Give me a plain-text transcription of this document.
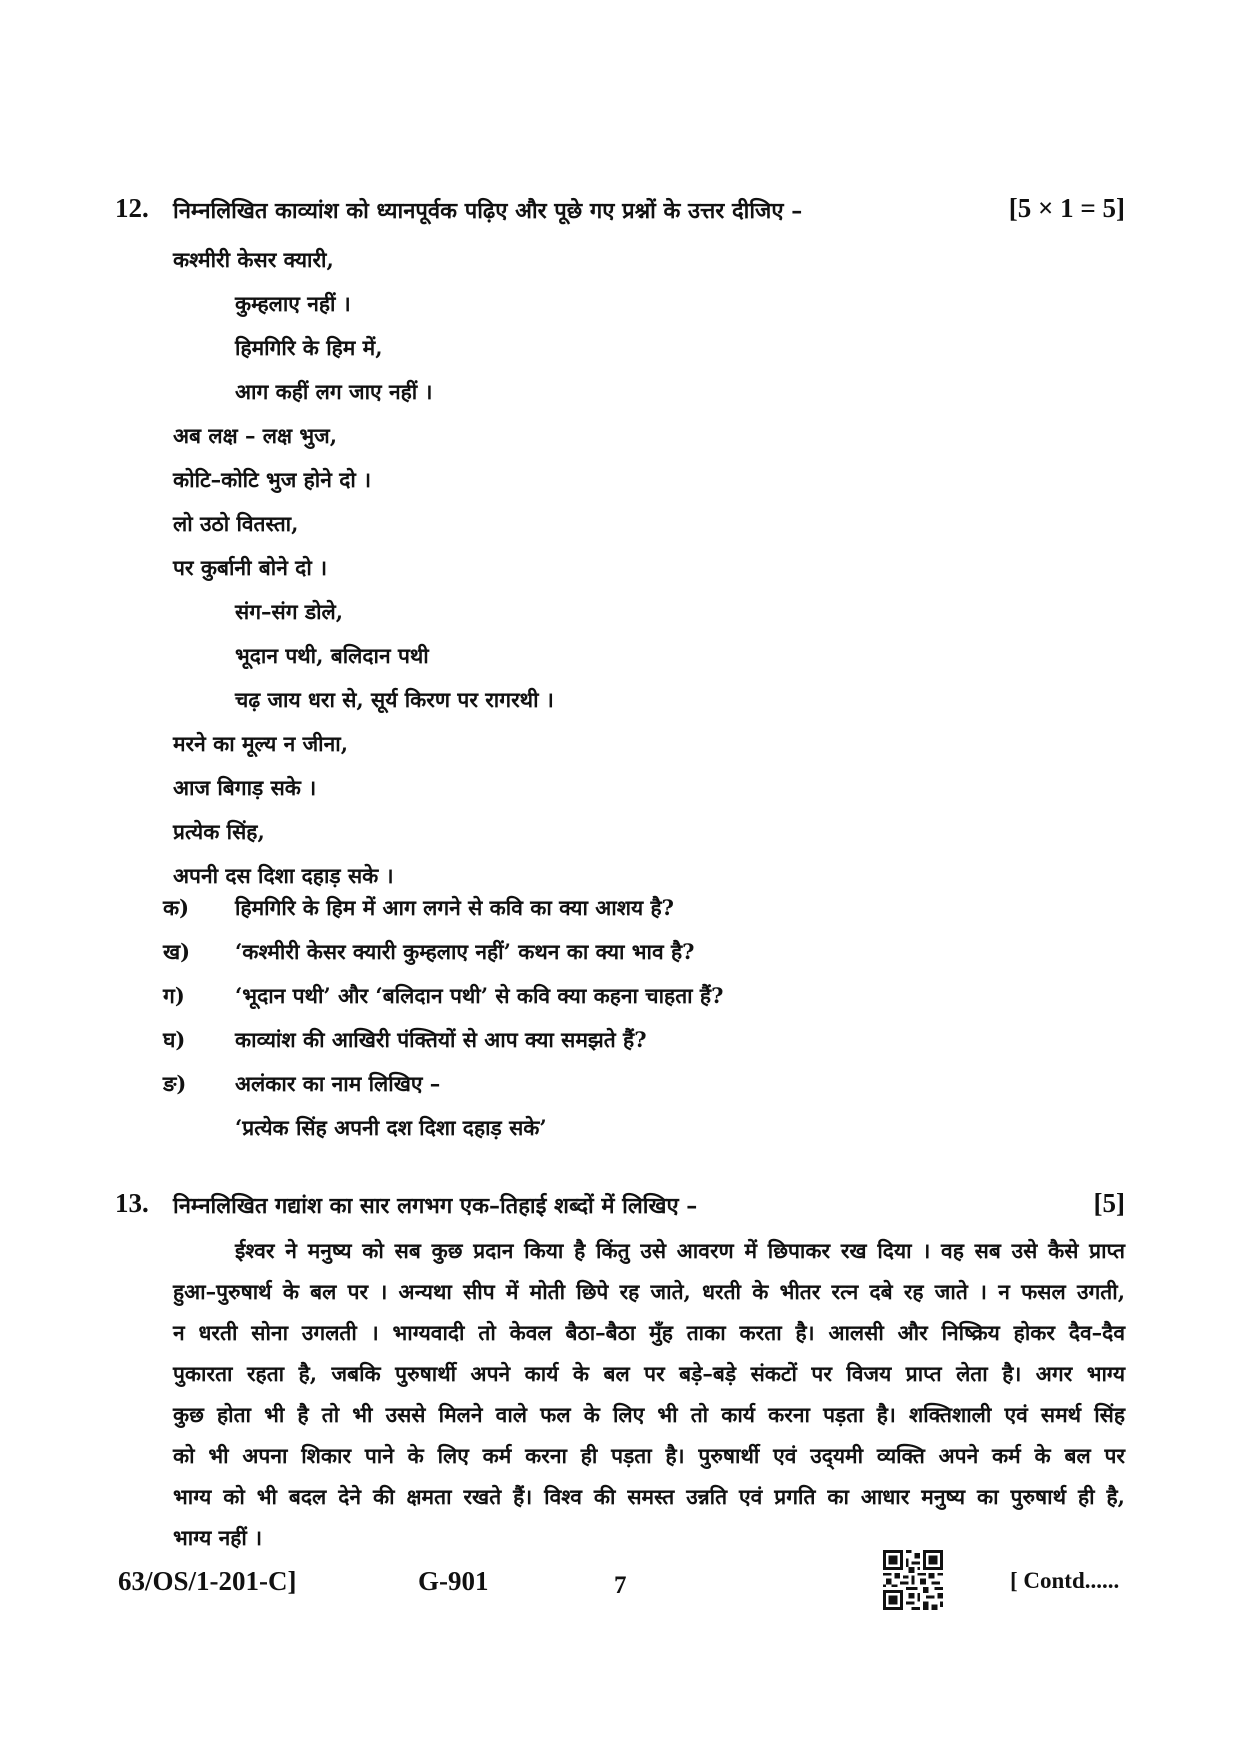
12. निम्नलिखित काव्यांश को ध्यानपूर्वक पढ़िए और पूछे गए प्रश्नों के उत्तर दीजिए –	[5 × 1 = 5]
कश्मीरी केसर क्यारी,
कुम्हलाए नहीं ।
हिमगिरि के हिम में,
आग कहीं लग जाए नहीं ।
अब लक्ष – लक्ष भुज,
कोटि–कोटि भुज होने दो ।
लो उठो वितस्ता,
पर कुर्बानी बोने दो ।
संग–संग डोले,
भूदान पथी, बलिदान पथी
चढ़ जाय धरा से, सूर्य किरण पर रागरथी ।
मरने का मूल्य न जीना,
आज बिगाड़ सके ।
प्रत्येक सिंह,
अपनी दस दिशा दहाड़ सके ।
क) हिमगिरि के हिम में आग लगने से कवि का क्या आशय है?
ख) ‘कश्मीरी केसर क्यारी कुम्हलाए नहीं’ कथन का क्या भाव है?
ग) ‘भूदान पथी’ और ‘बलिदान पथी’ से कवि क्या कहना चाहता हैं?
घ) काव्यांश की आखिरी पंक्तियों से आप क्या समझते हैं?
ङ) अलंकार का नाम लिखिए –
‘प्रत्येक सिंह अपनी दश दिशा दहाड़ सके’
13. निम्नलिखित गद्यांश का सार लगभग एक–तिहाई शब्दों में लिखिए –	[5]
ईश्वर ने मनुष्य को सब कुछ प्रदान किया है किंतु उसे आवरण में छिपाकर रख दिया । वह सब उसे कैसे प्राप्त
हुआ–पुरुषार्थ के बल पर । अन्यथा सीप में मोती छिपे रह जाते, धरती के भीतर रत्न दबे रह जाते । न फसल उगती,
न धरती सोना उगलती । भाग्यवादी तो केवल बैठा–बैठा मुँह ताका करता है। आलसी और निष्क्रिय होकर दैव–दैव
पुकारता रहता है, जबकि पुरुषार्थी अपने कार्य के बल पर बड़े–बड़े संकटों पर विजय प्राप्त लेता है। अगर भाग्य
कुछ होता भी है तो भी उससे मिलने वाले फल के लिए भी तो कार्य करना पड़ता है। शक्तिशाली एवं समर्थ सिंह
को भी अपना शिकार पाने के लिए कर्म करना ही पड़ता है। पुरुषार्थी एवं उद्‌यमी व्यक्ति अपने कर्म के बल पर
भाग्य को भी बदल देने की क्षमता रखते हैं। विश्व की समस्त उन्नति एवं प्रगति का आधार मनुष्य का पुरुषार्थ ही है,
भाग्य नहीं ।
63/OS/1-201-C]	G-901	7	[ Contd......
